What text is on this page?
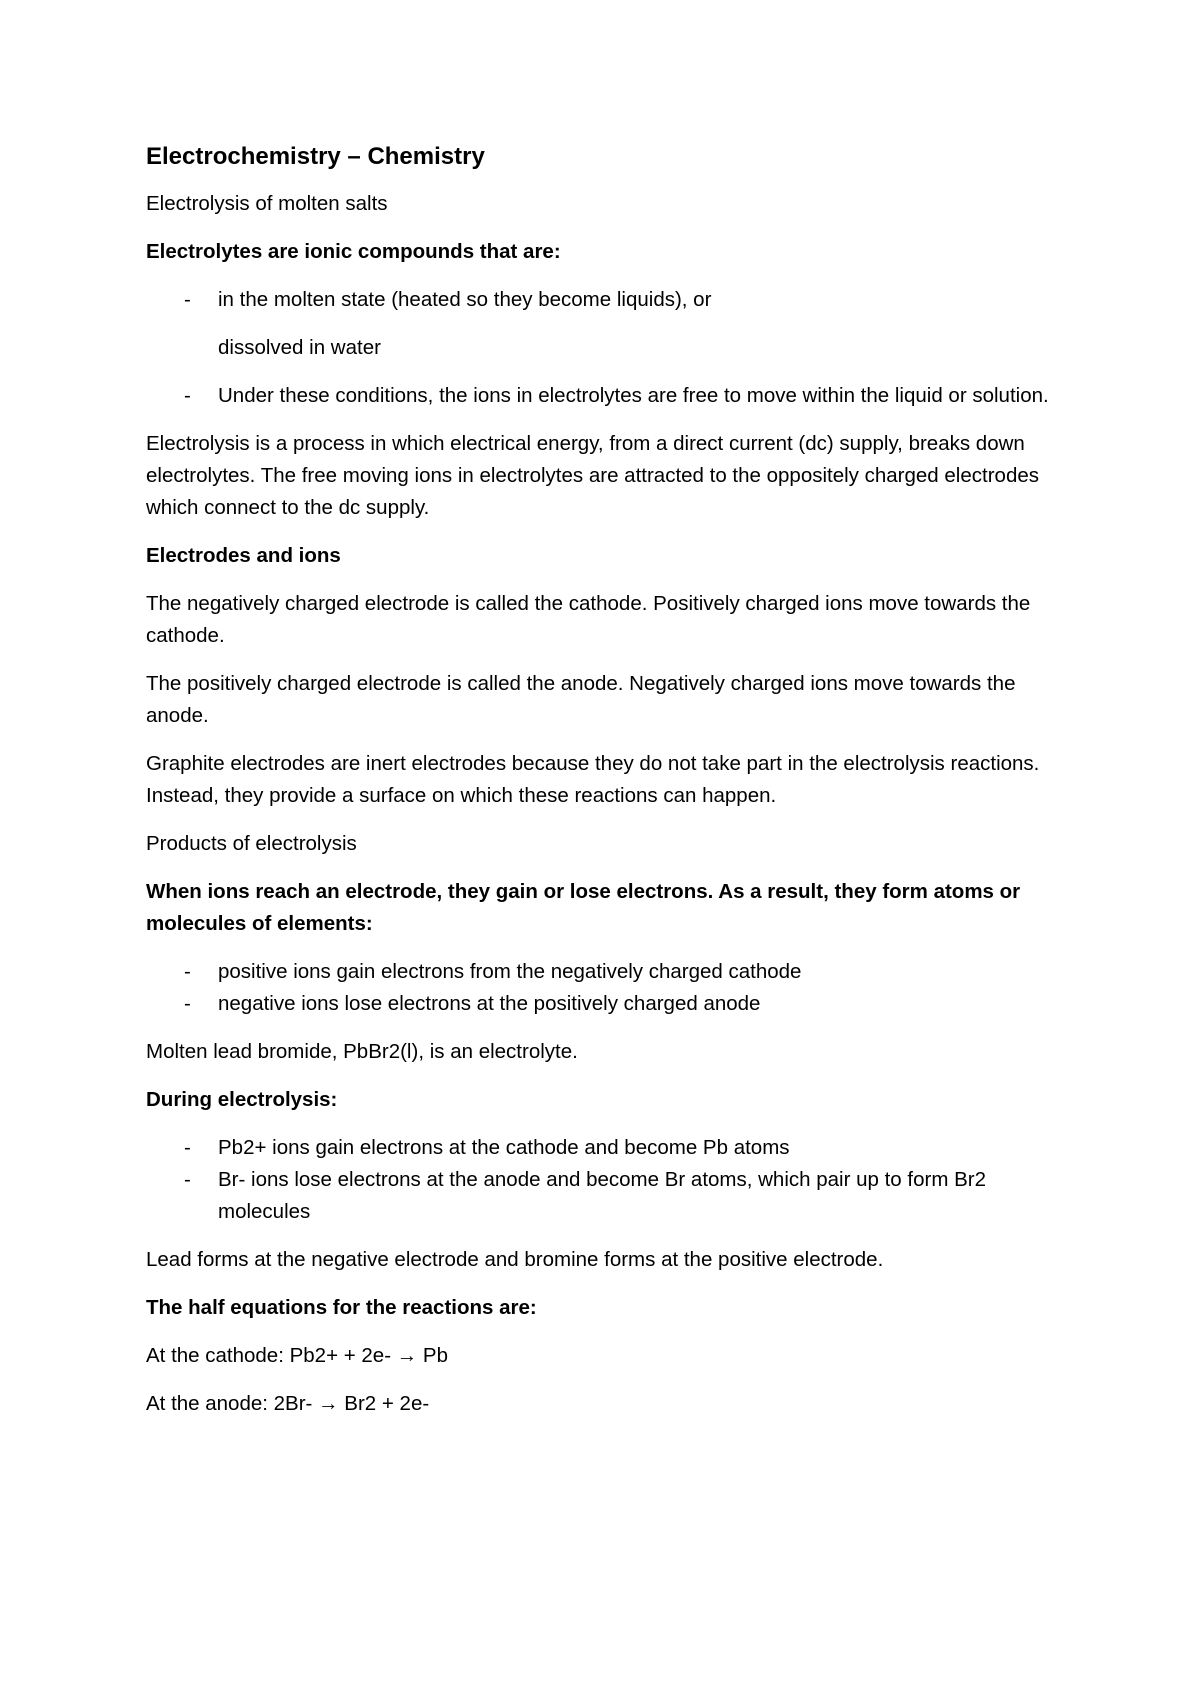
Electrochemistry – Chemistry

Electrolysis of molten salts

Electrolytes are ionic compounds that are:

- in the molten state (heated so they become liquids), or

dissolved in water

- Under these conditions, the ions in electrolytes are free to move within the liquid or solution.

Electrolysis is a process in which electrical energy, from a direct current (dc) supply, breaks down electrolytes. The free moving ions in electrolytes are attracted to the oppositely charged electrodes which connect to the dc supply.

Electrodes and ions

The negatively charged electrode is called the cathode. Positively charged ions move towards the cathode.

The positively charged electrode is called the anode. Negatively charged ions move towards the anode.

Graphite electrodes are inert electrodes because they do not take part in the electrolysis reactions. Instead, they provide a surface on which these reactions can happen.

Products of electrolysis

When ions reach an electrode, they gain or lose electrons. As a result, they form atoms or molecules of elements:

- positive ions gain electrons from the negatively charged cathode
- negative ions lose electrons at the positively charged anode

Molten lead bromide, PbBr2(l), is an electrolyte.

During electrolysis:

- Pb2+ ions gain electrons at the cathode and become Pb atoms
- Br- ions lose electrons at the anode and become Br atoms, which pair up to form Br2 molecules

Lead forms at the negative electrode and bromine forms at the positive electrode.

The half equations for the reactions are:

At the cathode: Pb2+ + 2e- → Pb

At the anode: 2Br- → Br2 + 2e-
